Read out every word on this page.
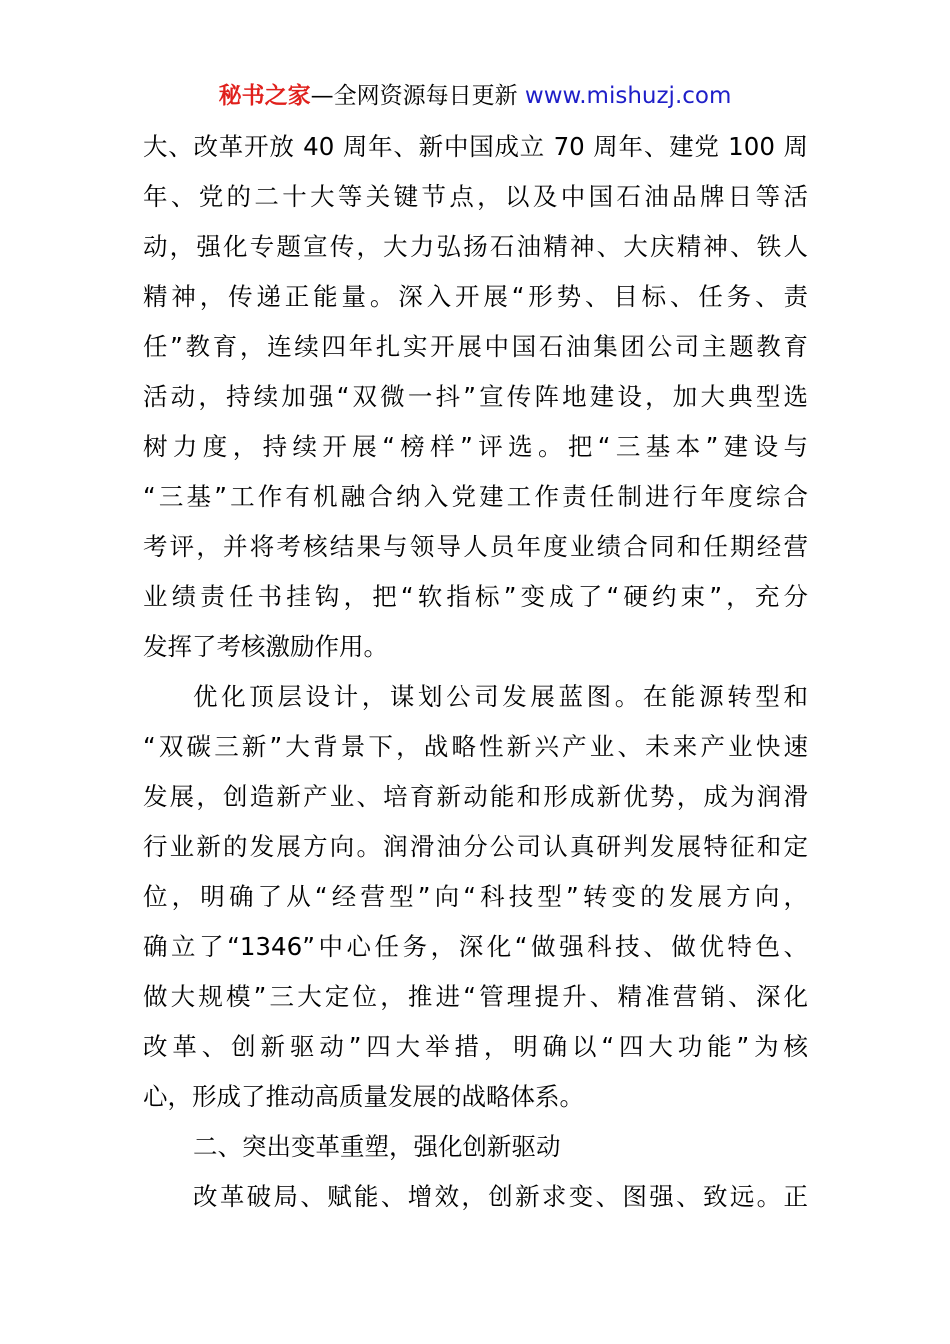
秘书之家—全网资源每日更新 www.mishuzj.com
大、改革开放 40 周年、新中国成立 70 周年、建党 100 周
年、党的二十大等关键节点，以及中国石油品牌日等活
动，强化专题宣传，大力弘扬石油精神、大庆精神、铁人
精神，传递正能量。深入开展“形势、目标、任务、责
任”教育，连续四年扎实开展中国石油集团公司主题教育
活动，持续加强“双微一抖”宣传阵地建设，加大典型选
树力度，持续开展“榜样”评选。把“三基本”建设与
“三基”工作有机融合纳入党建工作责任制进行年度综合
考评，并将考核结果与领导人员年度业绩合同和任期经营
业绩责任书挂钩，把“软指标”变成了“硬约束”，充分
发挥了考核激励作用。
优化顶层设计，谋划公司发展蓝图。在能源转型和
“双碳三新”大背景下，战略性新兴产业、未来产业快速
发展，创造新产业、培育新动能和形成新优势，成为润滑
行业新的发展方向。润滑油分公司认真研判发展特征和定
位，明确了从“经营型”向“科技型”转变的发展方向，
确立了“1346”中心任务，深化“做强科技、做优特色、
做大规模”三大定位，推进“管理提升、精准营销、深化
改革、创新驱动”四大举措，明确以“四大功能”为核
心，形成了推动高质量发展的战略体系。
二、突出变革重塑，强化创新驱动
改革破局、赋能、增效，创新求变、图强、致远。正
